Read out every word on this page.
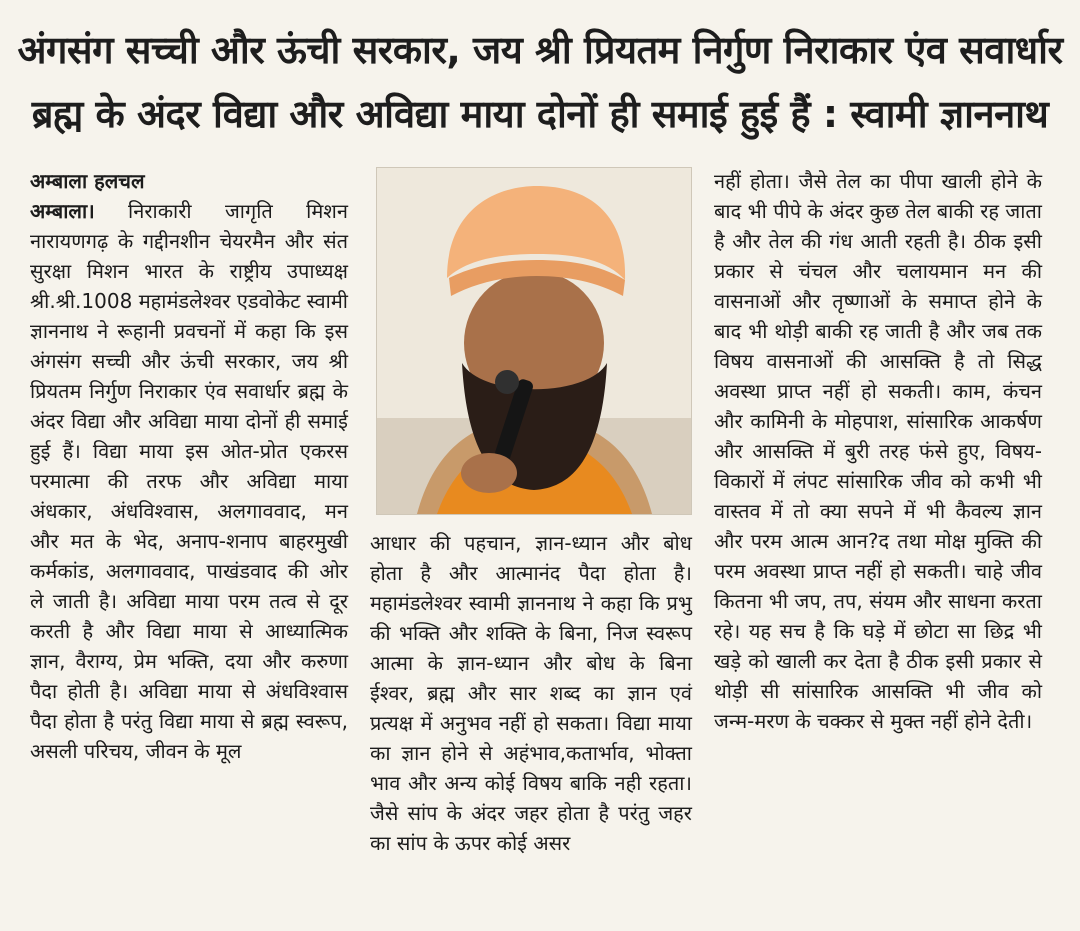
अंगसंग सच्ची और ऊंची सरकार, जय श्री प्रियतम निर्गुण निराकार एंव सवार्धार
ब्रह्म के अंदर विद्या और अविद्या माया दोनों ही समाई हुई हैं : स्वामी ज्ञाननाथ
अम्बाला हलचल

अम्बाला। निराकारी जागृति मिशन नारायणगढ़ के गद्दीनशीन चेयरमैन और संत सुरक्षा मिशन भारत के राष्ट्रीय उपाध्यक्ष श्री.श्री.1008 महामंडलेश्वर एडवोकेट स्वामी ज्ञाननाथ ने रूहानी प्रवचनों में कहा कि इस अंगसंग सच्ची और ऊंची सरकार, जय श्री प्रियतम निर्गुण निराकार एंव सवार्धार ब्रह्म के अंदर विद्या और अविद्या माया दोनों ही समाई हुई हैं। विद्या माया इस ओत-प्रोत एकरस परमात्मा की तरफ और अविद्या माया अंधकार, अंधविश्वास, अलगाववाद, मन और मत के भेद, अनाप-शनाप बाहरमुखी कर्मकांड, अलगाववाद, पाखंडवाद की ओर ले जाती है। अविद्या माया परम तत्व से दूर करती है और विद्या माया से आध्यात्मिक ज्ञान, वैराग्य, प्रेम भक्ति, दया और करुणा पैदा होती है। अविद्या माया से अंधविश्वास पैदा होता है परंतु विद्या माया से ब्रह्म स्वरूप, असली परिचय, जीवन के मूल

आधार की पहचान, ज्ञान-ध्यान और बोध होता है और आत्मानंद पैदा होता है। महामंडलेश्वर स्वामी ज्ञाननाथ ने कहा कि प्रभु की भक्ति और शक्ति के बिना, निज स्वरूप आत्मा के ज्ञान-ध्यान और बोध के बिना ईश्वर, ब्रह्म और सार शब्द का ज्ञान एवं प्रत्यक्ष में अनुभव नहीं हो सकता। विद्या माया का ज्ञान होने से अहंभाव,कतार्भाव, भोक्ता भाव और अन्य कोई विषय बाकि नही रहता। जैसे सांप के अंदर जहर होता है परंतु जहर का सांप के ऊपर कोई असर

नहीं होता। जैसे तेल का पीपा खाली होने के बाद भी पीपे के अंदर कुछ तेल बाकी रह जाता है और तेल की गंध आती रहती है। ठीक इसी प्रकार से चंचल और चलायमान मन की वासनाओं और तृष्णाओं के समाप्त होने के बाद भी थोड़ी बाकी रह जाती है और जब तक विषय वासनाओं की आसक्ति है तो सिद्ध अवस्था प्राप्त नहीं हो सकती। काम, कंचन और कामिनी के मोहपाश, सांसारिक आकर्षण और आसक्ति में बुरी तरह फंसे हुए, विषय-विकारों में लंपट सांसारिक जीव को कभी भी वास्तव में तो क्या सपने में भी कैवल्य ज्ञान और परम आत्म आन?द तथा मोक्ष मुक्ति की परम अवस्था प्राप्त नहीं हो सकती। चाहे जीव कितना भी जप, तप, संयम और साधना करता रहे। यह सच है कि घड़े में छोटा सा छिद्र भी खड़े को खाली कर देता है ठीक इसी प्रकार से थोड़ी सी सांसारिक आसक्ति भी जीव को जन्म-मरण के चक्कर से मुक्त नहीं होने देती।
